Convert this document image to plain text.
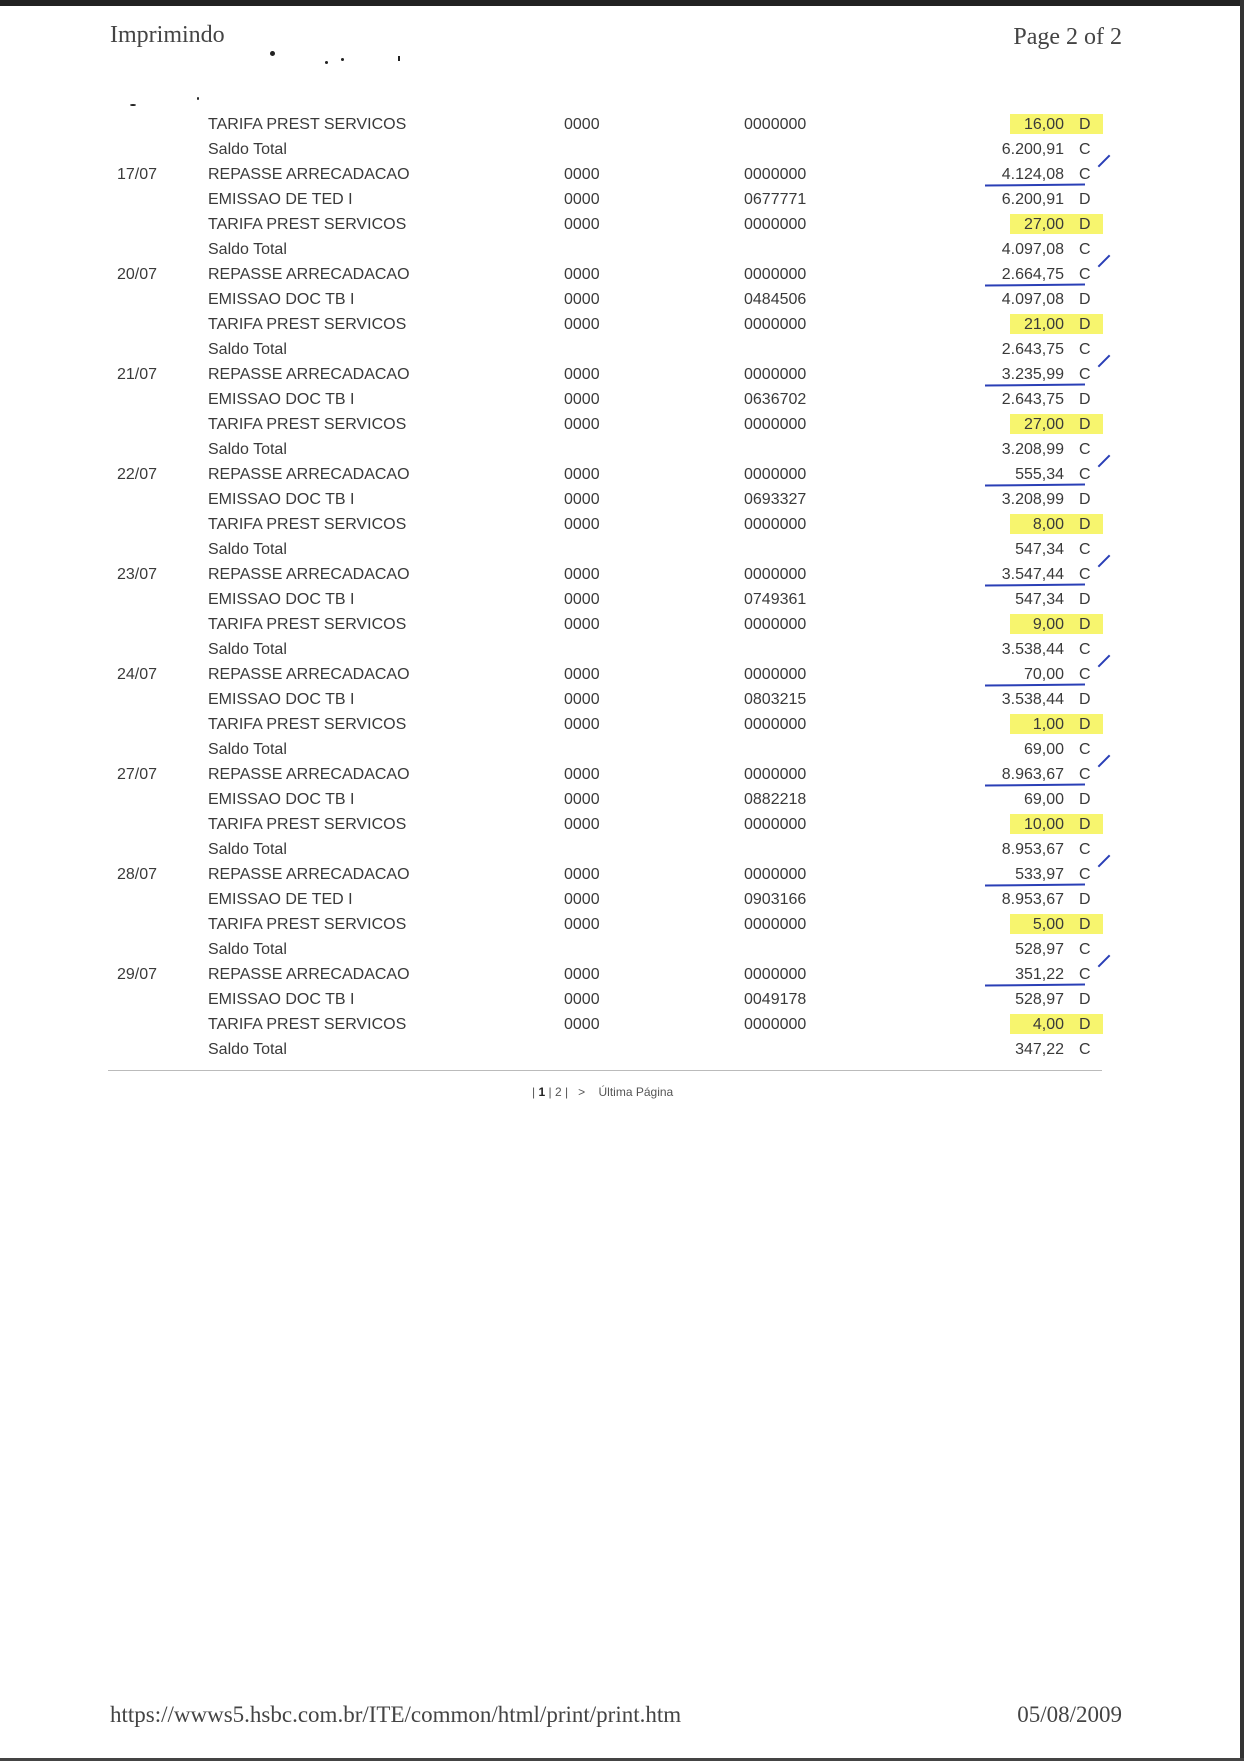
Imprimindo	Page 2 of 2
TARIFA PREST SERVICOS	0000	0000000	16,00 D
Saldo Total	6.200,91 C
17/07	REPASSE ARRECADACAO	0000	0000000	4.124,08 C
EMISSAO DE TED I	0000	0677771	6.200,91 D
TARIFA PREST SERVICOS	0000	0000000	27,00 D
Saldo Total	4.097,08 C
20/07	REPASSE ARRECADACAO	0000	0000000	2.664,75 C
EMISSAO DOC TB I	0000	0484506	4.097,08 D
TARIFA PREST SERVICOS	0000	0000000	21,00 D
Saldo Total	2.643,75 C
21/07	REPASSE ARRECADACAO	0000	0000000	3.235,99 C
EMISSAO DOC TB I	0000	0636702	2.643,75 D
TARIFA PREST SERVICOS	0000	0000000	27,00 D
Saldo Total	3.208,99 C
22/07	REPASSE ARRECADACAO	0000	0000000	555,34 C
EMISSAO DOC TB I	0000	0693327	3.208,99 D
TARIFA PREST SERVICOS	0000	0000000	8,00 D
Saldo Total	547,34 C
23/07	REPASSE ARRECADACAO	0000	0000000	3.547,44 C
EMISSAO DOC TB I	0000	0749361	547,34 D
TARIFA PREST SERVICOS	0000	0000000	9,00 D
Saldo Total	3.538,44 C
24/07	REPASSE ARRECADACAO	0000	0000000	70,00 C
EMISSAO DOC TB I	0000	0803215	3.538,44 D
TARIFA PREST SERVICOS	0000	0000000	1,00 D
Saldo Total	69,00 C
27/07	REPASSE ARRECADACAO	0000	0000000	8.963,67 C
EMISSAO DOC TB I	0000	0882218	69,00 D
TARIFA PREST SERVICOS	0000	0000000	10,00 D
Saldo Total	8.953,67 C
28/07	REPASSE ARRECADACAO	0000	0000000	533,97 C
EMISSAO DE TED I	0000	0903166	8.953,67 D
TARIFA PREST SERVICOS	0000	0000000	5,00 D
Saldo Total	528,97 C
29/07	REPASSE ARRECADACAO	0000	0000000	351,22 C
EMISSAO DOC TB I	0000	0049178	528,97 D
TARIFA PREST SERVICOS	0000	0000000	4,00 D
Saldo Total	347,22 C
| 1 | 2 | > Última Página
https://wwws5.hsbc.com.br/ITE/common/html/print/print.htm	05/08/2009
